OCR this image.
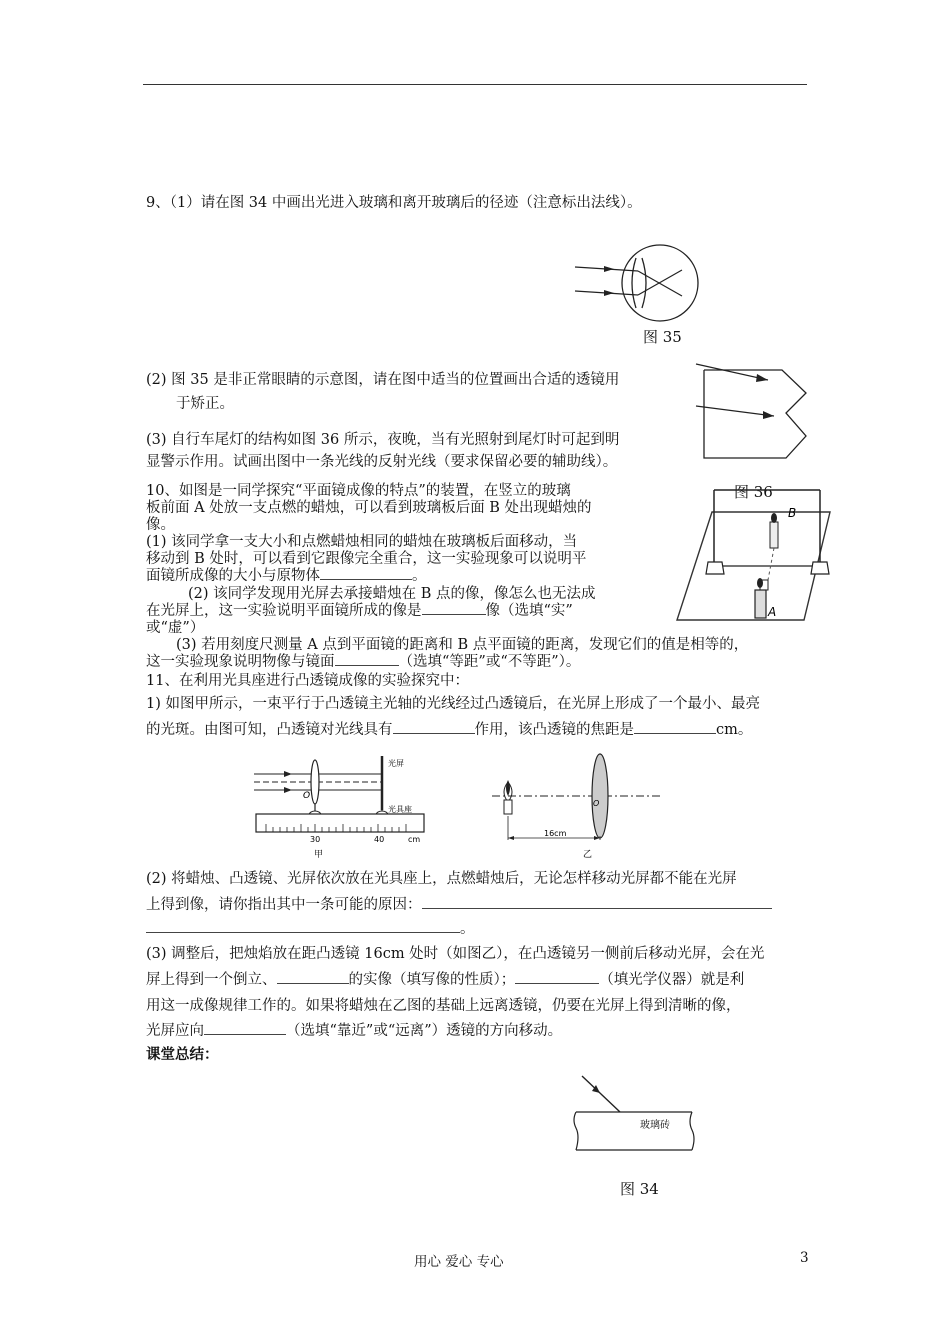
9、（1）请在图 34 中画出光进入玻璃和离开玻璃后的径迹（注意标出法线）。
图 35
(2) 图 35 是非正常眼睛的示意图，请在图中适当的位置画出合适的透镜用
于矫正。
(3) 自行车尾灯的结构如图 36 所示，夜晚，当有光照射到尾灯时可起到明
显警示作用。试画出图中一条光线的反射光线（要求保留必要的辅助线）。
图 36
10、如图是一同学探究“平面镜成像的特点”的装置，在竖立的玻璃
板前面 A 处放一支点燃的蜡烛，可以看到玻璃板后面 B 处出现蜡烛的
像。
(1) 该同学拿一支大小和点燃蜡烛相同的蜡烛在玻璃板后面移动，当
移动到 B 处时，可以看到它跟像完全重合，这一实验现象可以说明平
面镜所成像的大小与原物体	。
(2) 该同学发现用光屏去承接蜡烛在 B 点的像，像怎么也无法成
在光屏上，这一实验说明平面镜所成的像是	像（选填“实”
或“虚”）
(3) 若用刻度尺测量 A 点到平面镜的距离和 B 点平面镜的距离，发现它们的值是相等的，
这一实验现象说明物像与镜面	（选填“等距”或“不等距”）。
B
A
11、在利用光具座进行凸透镜成像的实验探究中：
1) 如图甲所示，一束平行于凸透镜主光轴的光线经过凸透镜后，在光屏上形成了一个最小、最亮
的光斑。由图可知，凸透镜对光线具有	作用，该凸透镜的焦距是	cm。
光屏
O
光具座
30	40	cm
甲
O
16cm
乙
(2) 将蜡烛、凸透镜、光屏依次放在光具座上，点燃蜡烛后，无论怎样移动光屏都不能在光屏
上得到像，请你指出其中一条可能的原因：
。
(3) 调整后，把烛焰放在距凸透镜 16cm 处时（如图乙），在凸透镜另一侧前后移动光屏，会在光
屏上得到一个倒立、	的实像（填写像的性质）；	（填光学仪器）就是利
用这一成像规律工作的。如果将蜡烛在乙图的基础上远离透镜，仍要在光屏上得到清晰的像，
光屏应向	（选填“靠近”或“远离”）透镜的方向移动。
课堂总结：
玻璃砖
图 34
用心 爱心 专心	3
